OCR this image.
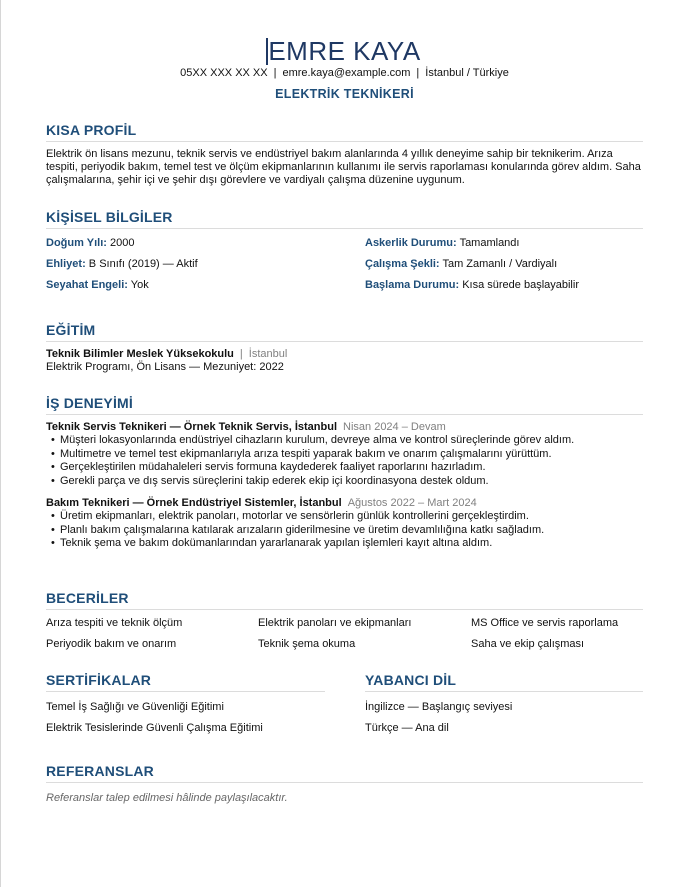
EMRE KAYA
05XX XXX XX XX | emre.kaya@example.com | İstanbul / Türkiye
ELEKTRİK TEKNİKERİ
KISA PROFİL
Elektrik ön lisans mezunu, teknik servis ve endüstriyel bakım alanlarında 4 yıllık deneyime sahip bir teknikerim. Arıza tespiti, periyodik bakım, temel test ve ölçüm ekipmanlarının kullanımı ile servis raporlaması konularında görev aldım. Saha çalışmalarına, şehir içi ve şehir dışı görevlere ve vardiyalı çalışma düzenine uygunum.
KİŞİSEL BİLGİLER
Doğum Yılı: 2000	Askerlik Durumu: Tamamlandı
Ehliyet: B Sınıfı (2019) — Aktif	Çalışma Şekli: Tam Zamanlı / Vardiyalı
Seyahat Engeli: Yok	Başlama Durumu: Kısa sürede başlayabilir
EĞİTİM
Teknik Bilimler Meslek Yüksekokulu | İstanbul
Elektrik Programı, Ön Lisans — Mezuniyet: 2022
İŞ DENEYİMİ
Teknik Servis Teknikeri — Örnek Teknik Servis, İstanbul Nisan 2024 – Devam
• Müşteri lokasyonlarında endüstriyel cihazların kurulum, devreye alma ve kontrol süreçlerinde görev aldım.
• Multimetre ve temel test ekipmanlarıyla arıza tespiti yaparak bakım ve onarım çalışmalarını yürüttüm.
• Gerçekleştirilen müdahaleleri servis formuna kaydederek faaliyet raporlarını hazırladım.
• Gerekli parça ve dış servis süreçlerini takip ederek ekip içi koordinasyona destek oldum.
Bakım Teknikeri — Örnek Endüstriyel Sistemler, İstanbul Ağustos 2022 – Mart 2024
• Üretim ekipmanları, elektrik panoları, motorlar ve sensörlerin günlük kontrollerini gerçekleştirdim.
• Planlı bakım çalışmalarına katılarak arızaların giderilmesine ve üretim devamlılığına katkı sağladım.
• Teknik şema ve bakım dokümanlarından yararlanarak yapılan işlemleri kayıt altına aldım.
BECERİLER
Arıza tespiti ve teknik ölçüm	Elektrik panoları ve ekipmanları	MS Office ve servis raporlama
Periyodik bakım ve onarım	Teknik şema okuma	Saha ve ekip çalışması
SERTİFİKALAR
Temel İş Sağlığı ve Güvenliği Eğitimi
Elektrik Tesislerinde Güvenli Çalışma Eğitimi
YABANCI DİL
İngilizce — Başlangıç seviyesi
Türkçe — Ana dil
REFERANSLAR
Referanslar talep edilmesi hâlinde paylaşılacaktır.
